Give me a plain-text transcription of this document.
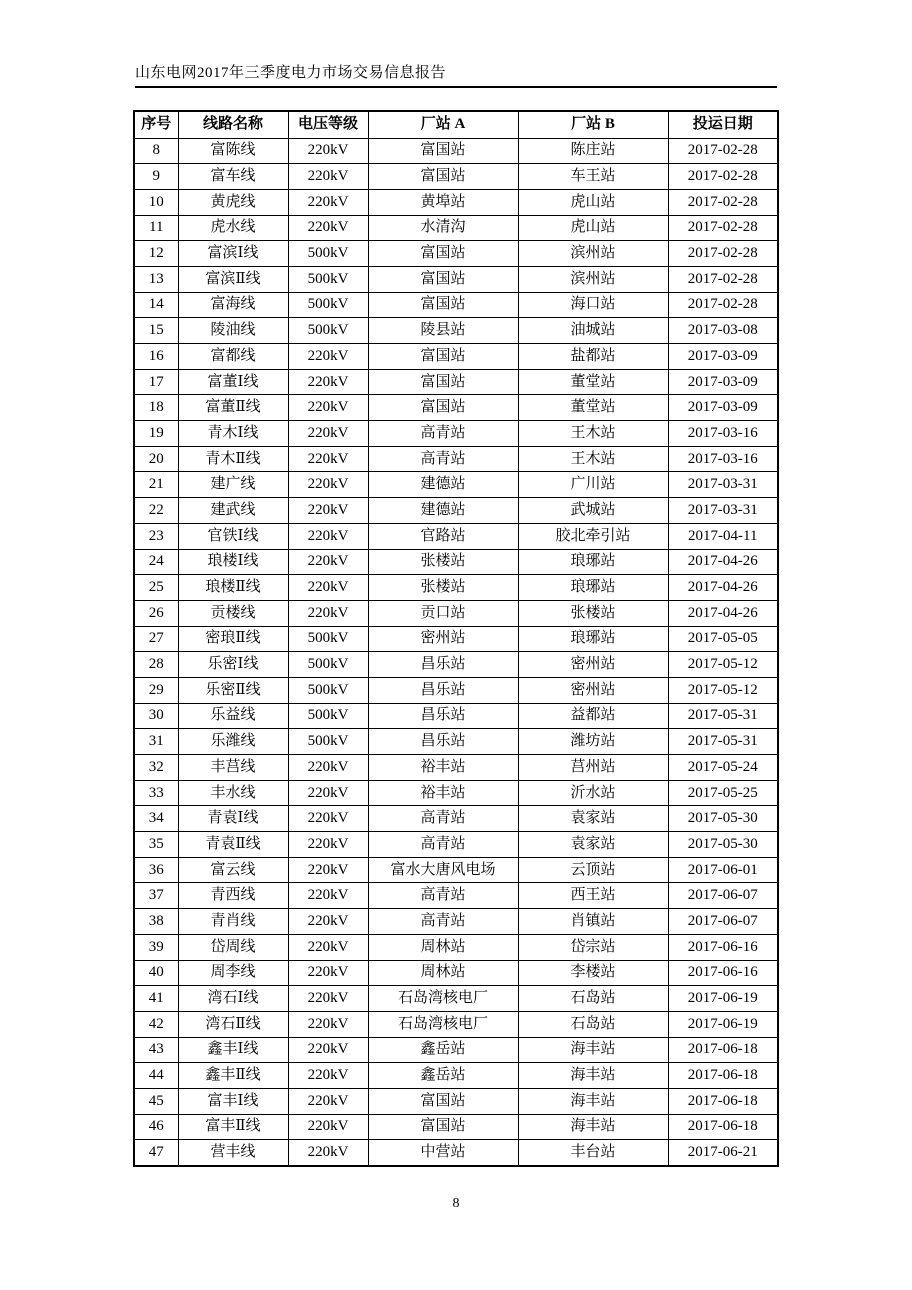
山东电网2017年三季度电力市场交易信息报告
序号	线路名称	电压等级	厂站 A	厂站 B	投运日期
8	富陈线	220kV	富国站	陈庄站	2017-02-28
9	富车线	220kV	富国站	车王站	2017-02-28
10	黄虎线	220kV	黄埠站	虎山站	2017-02-28
11	虎水线	220kV	水清沟	虎山站	2017-02-28
12	富滨Ⅰ线	500kV	富国站	滨州站	2017-02-28
13	富滨Ⅱ线	500kV	富国站	滨州站	2017-02-28
14	富海线	500kV	富国站	海口站	2017-02-28
15	陵油线	500kV	陵县站	油城站	2017-03-08
16	富都线	220kV	富国站	盐都站	2017-03-09
17	富董Ⅰ线	220kV	富国站	董堂站	2017-03-09
18	富董Ⅱ线	220kV	富国站	董堂站	2017-03-09
19	青木Ⅰ线	220kV	高青站	王木站	2017-03-16
20	青木Ⅱ线	220kV	高青站	王木站	2017-03-16
21	建广线	220kV	建德站	广川站	2017-03-31
22	建武线	220kV	建德站	武城站	2017-03-31
23	官铁Ⅰ线	220kV	官路站	胶北牵引站	2017-04-11
24	琅楼Ⅰ线	220kV	张楼站	琅琊站	2017-04-26
25	琅楼Ⅱ线	220kV	张楼站	琅琊站	2017-04-26
26	贡楼线	220kV	贡口站	张楼站	2017-04-26
27	密琅Ⅱ线	500kV	密州站	琅琊站	2017-05-05
28	乐密Ⅰ线	500kV	昌乐站	密州站	2017-05-12
29	乐密Ⅱ线	500kV	昌乐站	密州站	2017-05-12
30	乐益线	500kV	昌乐站	益都站	2017-05-31
31	乐潍线	500kV	昌乐站	潍坊站	2017-05-31
32	丰莒线	220kV	裕丰站	莒州站	2017-05-24
33	丰水线	220kV	裕丰站	沂水站	2017-05-25
34	青袁Ⅰ线	220kV	高青站	袁家站	2017-05-30
35	青袁Ⅱ线	220kV	高青站	袁家站	2017-05-30
36	富云线	220kV	富水大唐风电场	云顶站	2017-06-01
37	青西线	220kV	高青站	西王站	2017-06-07
38	青肖线	220kV	高青站	肖镇站	2017-06-07
39	岱周线	220kV	周林站	岱宗站	2017-06-16
40	周李线	220kV	周林站	李楼站	2017-06-16
41	湾石Ⅰ线	220kV	石岛湾核电厂	石岛站	2017-06-19
42	湾石Ⅱ线	220kV	石岛湾核电厂	石岛站	2017-06-19
43	鑫丰Ⅰ线	220kV	鑫岳站	海丰站	2017-06-18
44	鑫丰Ⅱ线	220kV	鑫岳站	海丰站	2017-06-18
45	富丰Ⅰ线	220kV	富国站	海丰站	2017-06-18
46	富丰Ⅱ线	220kV	富国站	海丰站	2017-06-18
47	营丰线	220kV	中营站	丰台站	2017-06-21
8
